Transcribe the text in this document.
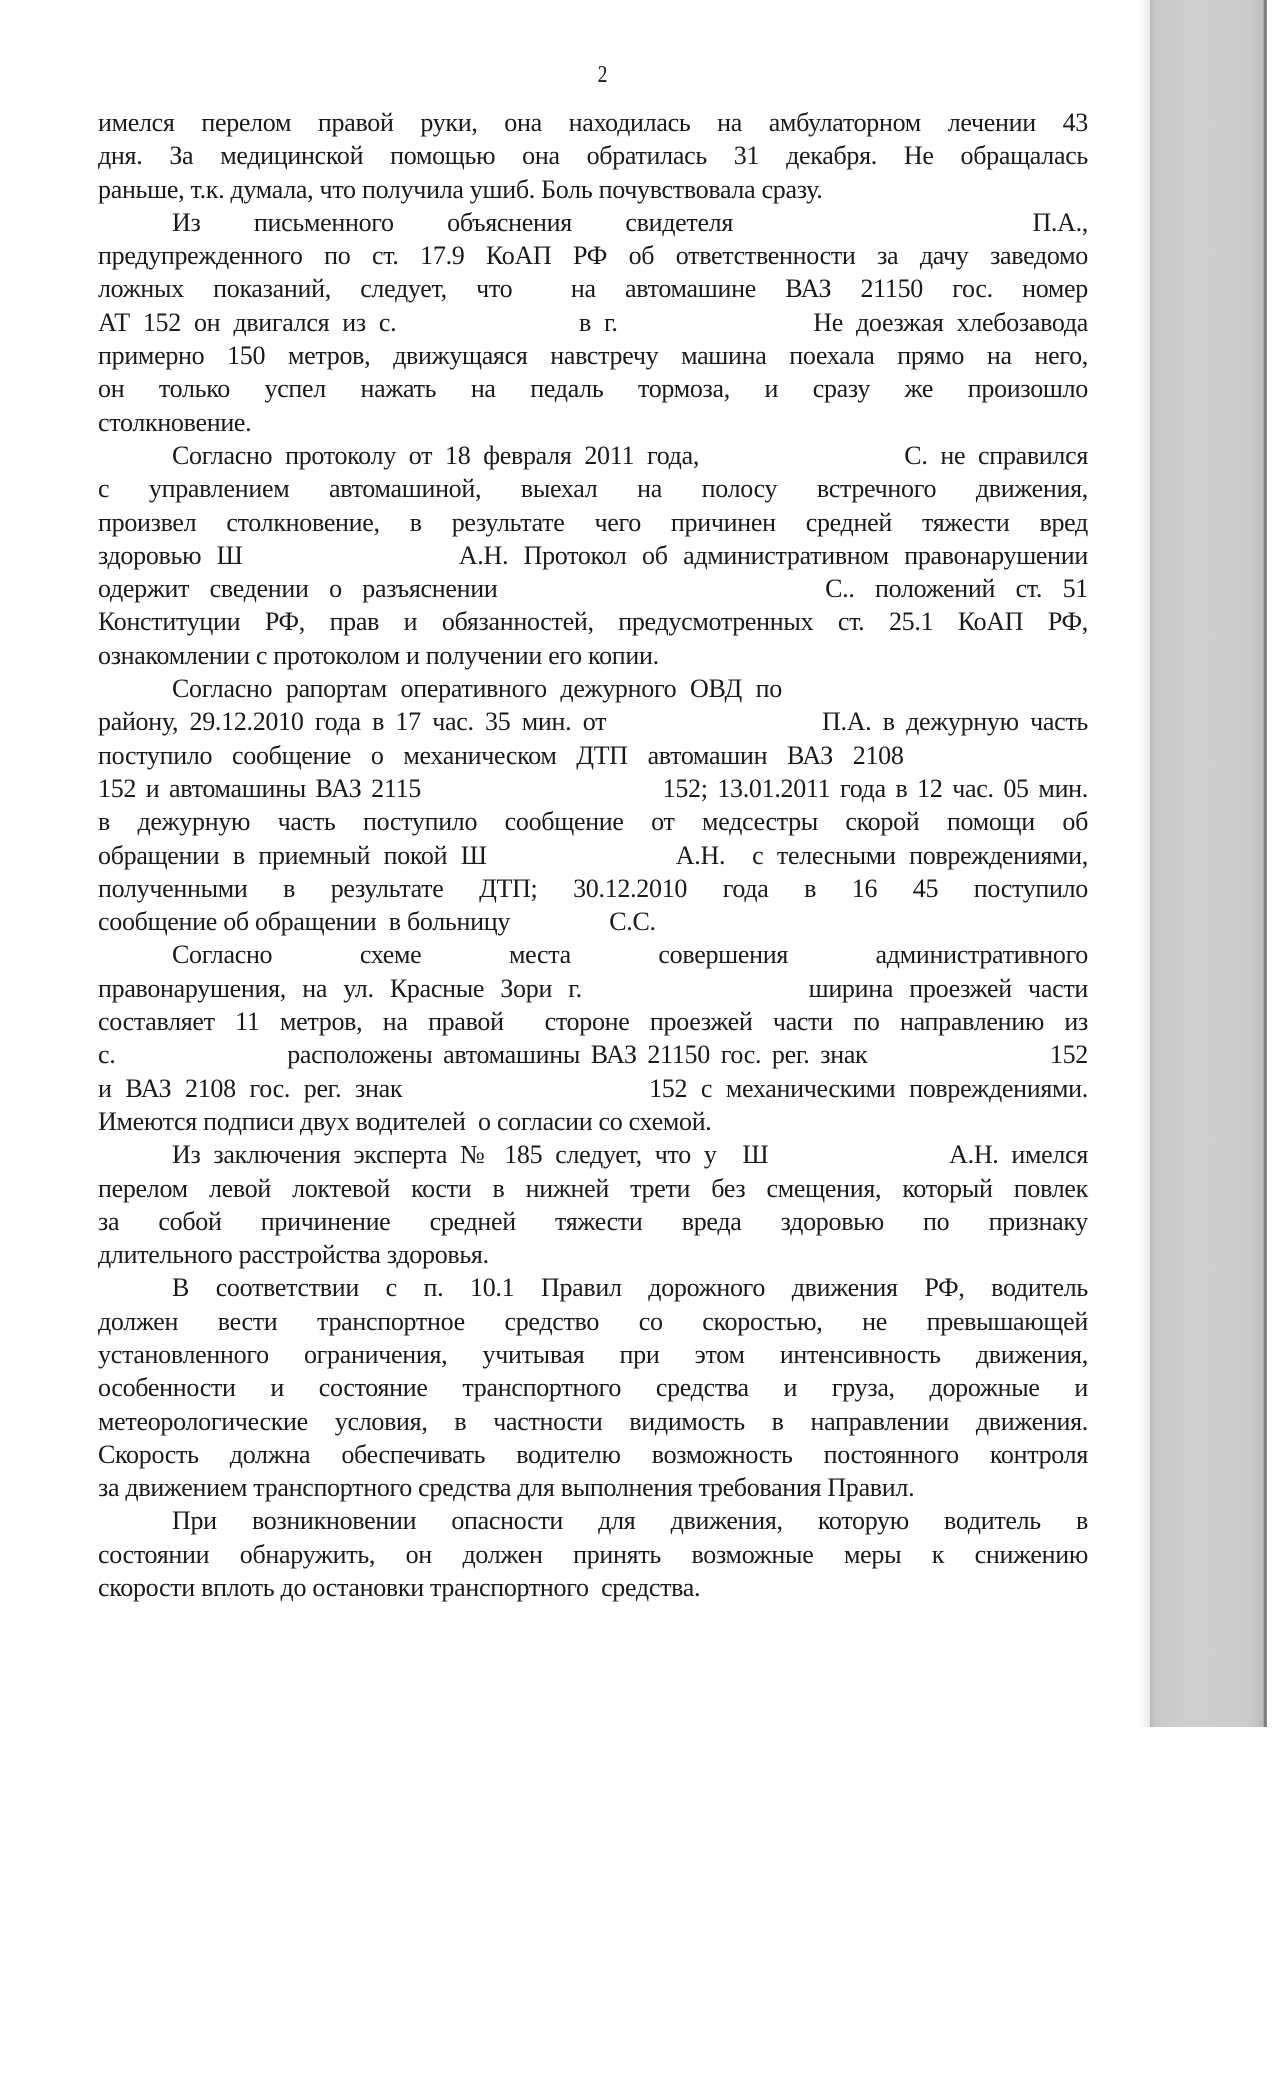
2
имелся перелом правой руки, она находилась на амбулаторном лечении 43
дня. За медицинской помощью она обратилась 31 декабря. Не обращалась
раньше, т.к. думала, что получила ушиб. Боль почувствовала сразу.
Из     письменного     объяснения     свидетеля                            П.А.,
предупрежденного по ст. 17.9 КоАП РФ об ответственности за дачу заведомо
ложных показаний, следует, что  на автомашине ВАЗ 21150 гос. номер
АТ 152 он двигался из с.              в г.               Не доезжая хлебозавода
примерно 150 метров, движущаяся навстречу машина поехала прямо на него,
он только успел нажать на педаль тормоза, и сразу же произошло
столкновение.
Согласно протоколу от 18 февраля 2011 года,                С. не справился
с управлением автомашиной, выехал на полосу встречного движения,
произвел столкновение, в результате чего причинен средней тяжести вред
здоровью Ш              А.Н. Протокол об административном правонарушении
одержит сведении о разъяснении                С.. положений ст. 51
Конституции РФ, прав и обязанностей, предусмотренных ст. 25.1 КоАП РФ,
ознакомлении с протоколом и получении его копии.
Согласно рапортам оперативного дежурного ОВД по
району, 29.12.2010 года в 17 час. 35 мин. от                   П.А. в дежурную часть
поступило сообщение о механическом ДТП автомашин ВАЗ 2108
152 и автомашины ВАЗ 2115                         152; 13.01.2011 года в 12 час. 05 мин.
в дежурную часть поступило сообщение от медсестры скорой помощи об
обращении в приемный покой Ш              А.Н.  с телесными повреждениями,
полученными в результате ДТП; 30.12.2010 года в 16 45 поступило
сообщение об обращении  в больницу                С.С.
Согласно     схеме     места     совершения     административного
правонарушения, на ул. Красные Зори г.              ширина проезжей части
составляет 11 метров, на правой  стороне проезжей части по направлению из
с.                расположены автомашины ВАЗ 21150 гос. рег. знак                 152
и ВАЗ 2108 гос. рег. знак                  152 с механическими повреждениями.
Имеются подписи двух водителей  о согласии со схемой.
Из заключения эксперта № 185 следует, что у  Ш              А.Н. имелся
перелом левой локтевой кости в нижней трети без смещения, который повлек
за собой причинение средней тяжести вреда здоровью по признаку
длительного расстройства здоровья.
В соответствии с п. 10.1 Правил дорожного движения РФ, водитель
должен вести транспортное средство со скоростью, не превышающей
установленного ограничения, учитывая при этом интенсивность движения,
особенности и состояние транспортного средства и груза, дорожные и
метеорологические условия, в частности видимость в направлении движения.
Скорость должна обеспечивать водителю возможность постоянного контроля
за движением транспортного средства для выполнения требования Правил.
При возникновении опасности для движения, которую водитель в
состоянии обнаружить, он должен принять возможные меры к снижению
скорости вплоть до остановки транспортного  средства.
